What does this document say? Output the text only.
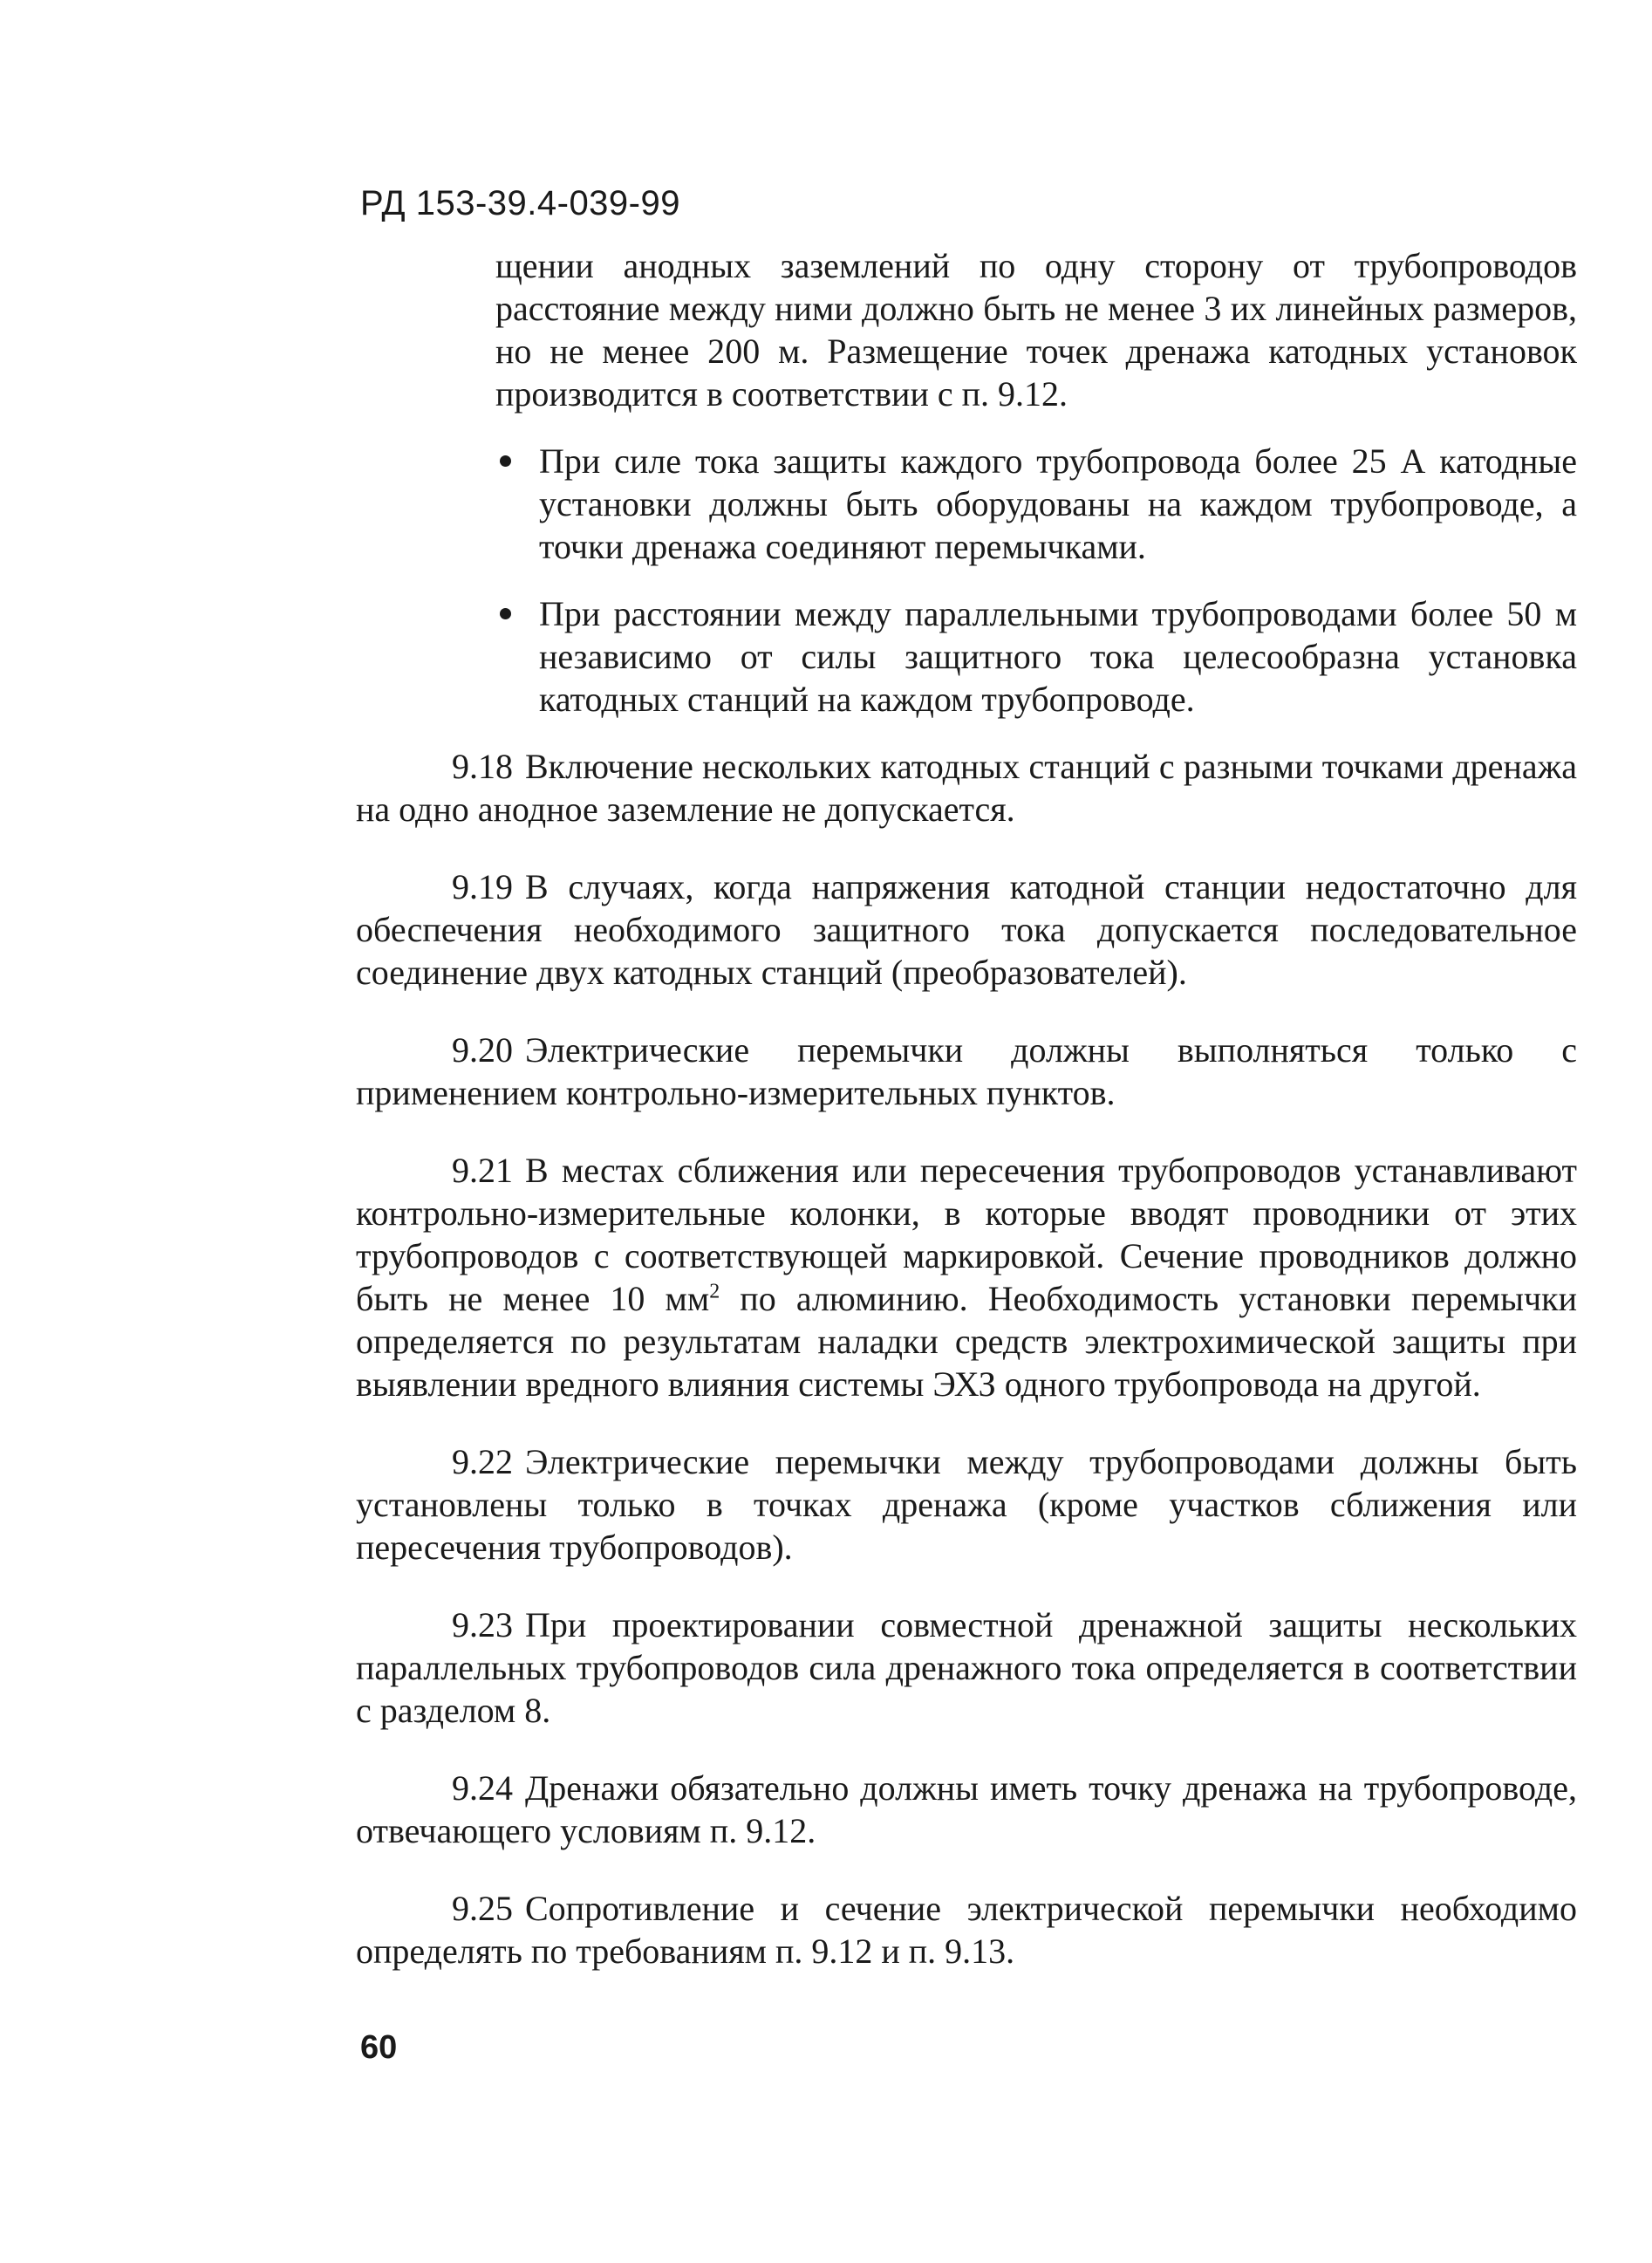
РД 153-39.4-039-99

щении анодных заземлений по одну сторону от трубопроводов расстояние между ними должно быть не менее 3 их линейных размеров, но не менее 200 м. Размещение точек дренажа катодных установок производится в соответствии с п. 9.12.

При силе тока защиты каждого трубопровода более 25 А катодные установки должны быть оборудованы на каждом трубопроводе, а точки дренажа соединяют перемычками.
При расстоянии между параллельными трубопроводами более 50 м независимо от силы защитного тока целесообразна установка катодных станций на каждом трубопроводе.

9.18 Включение нескольких катодных станций с разными точками дренажа на одно анодное заземление не допускается.

9.19 В случаях, когда напряжения катодной станции недостаточно для обеспечения необходимого защитного тока допускается последовательное соединение двух катодных станций (преобразователей).

9.20 Электрические перемычки должны выполняться только с применением контрольно-измерительных пунктов.

9.21 В местах сближения или пересечения трубопроводов устанавливают контрольно-измерительные колонки, в которые вводят проводники от этих трубопроводов с соответствующей маркировкой. Сечение проводников должно быть не менее 10 $мм^2$ по алюминию. Необходимость установки перемычки определяется по результатам наладки средств электрохимической защиты при выявлении вредного влияния системы ЭХЗ одного трубопровода на другой.

9.22 Электрические перемычки между трубопроводами должны быть установлены только в точках дренажа (кроме участков сближения или пересечения трубопроводов).

9.23 При проектировании совместной дренажной защиты нескольких параллельных трубопроводов сила дренажного тока определяется в соответствии с разделом 8.

9.24 Дренажи обязательно должны иметь точку дренажа на трубопроводе, отвечающего условиям п. 9.12.

9.25 Сопротивление и сечение электрической перемычки необходимо определять по требованиям п. 9.12 и п. 9.13.

60
